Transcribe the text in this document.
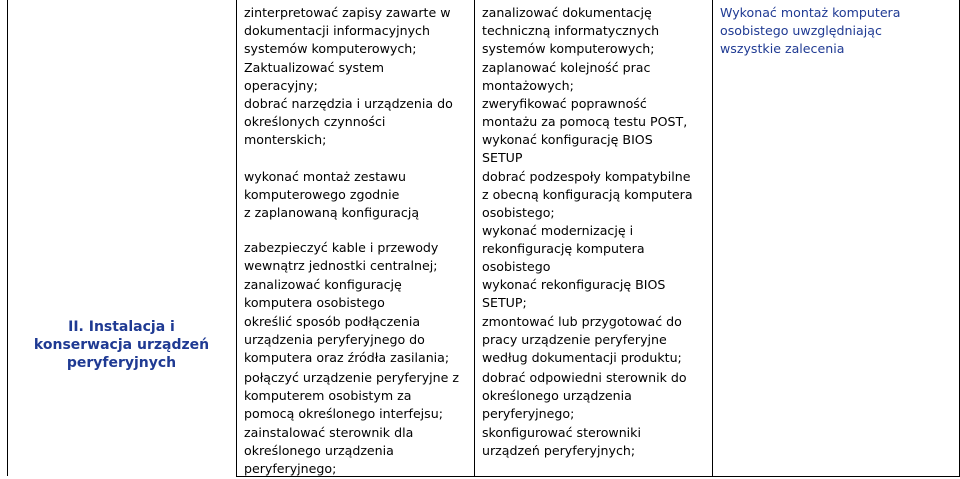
II. Instalacja i
konserwacja urządzeń
peryferyjnych

zinterpretować zapisy zawarte w
dokumentacji informacyjnych
systemów komputerowych;

Zaktualizować system
operacyjny;

dobrać narzędzia i urządzenia do
określonych czynności
monterskich;

wykonać montaż zestawu
komputerowego zgodnie
z zaplanowaną konfiguracją

zabezpieczyć kable i przewody
wewnątrz jednostki centralnej;

zanalizować konfigurację
komputera osobistego

określić sposób podłączenia
urządzenia peryferyjnego do
komputera oraz źródła zasilania;

połączyć urządzenie peryferyjne z
komputerem osobistym za
pomocą określonego interfejsu;

zainstalować sterownik dla
określonego urządzenia
peryferyjnego;

zanalizować dokumentację
techniczną informatycznych
systemów komputerowych;

zaplanować kolejność prac
montażowych;

zweryfikować poprawność
montażu za pomocą testu POST,

wykonać konfigurację BIOS
SETUP

dobrać podzespoły kompatybilne
z obecną konfiguracją komputera
osobistego;

wykonać modernizację i
rekonfigurację komputera
osobistego

wykonać rekonfigurację BIOS
SETUP;

zmontować lub przygotować do
pracy urządzenie peryferyjne
według dokumentacji produktu;

dobrać odpowiedni sterownik do
określonego urządzenia
peryferyjnego;

skonfigurować sterowniki
urządzeń peryferyjnych;

Wykonać montaż komputera
osobistego uwzględniając
wszystkie zalecenia
